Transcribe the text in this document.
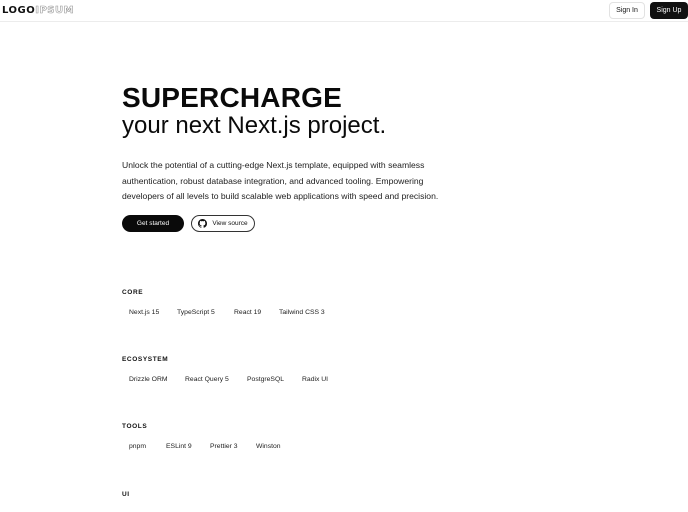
LOGOIPSUM	Sign In	Sign Up
SUPERCHARGE
your next Next.js project.

Unlock the potential of a cutting-edge Next.js template, equipped with seamless authentication, robust database integration, and advanced tooling. Empowering developers of all levels to build scalable web applications with speed and precision.

Get started	View source
CORE
Next.js 15	TypeScript 5	React 19	Tailwind CSS 3
ECOSYSTEM
Drizzle ORM	React Query 5	PostgreSQL	Radix UI
TOOLS
pnpm	ESLint 9	Prettier 3	Winston
UI
